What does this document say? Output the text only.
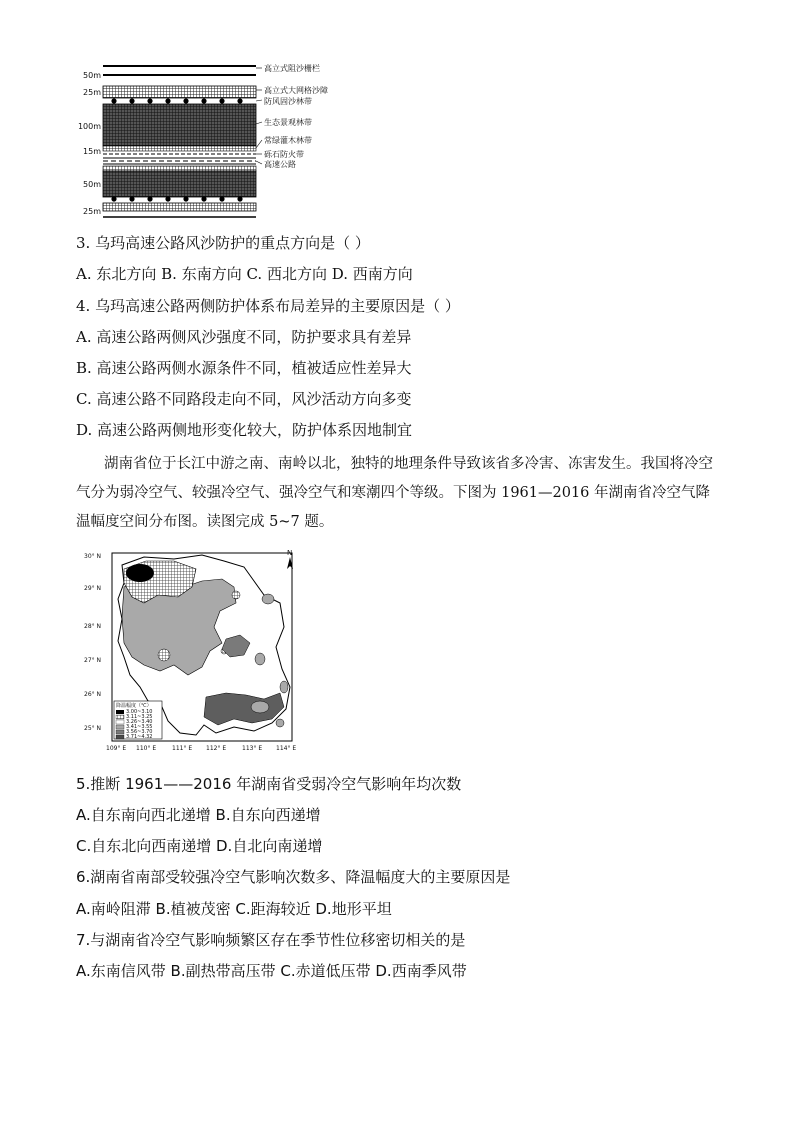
50m
25m
100m
15m
50m
25m
高立式阻沙栅栏
高立式大网格沙障
防风固沙林带
生态景观林带
常绿灌木林带
砾石防火带
高速公路
3. 乌玛高速公路风沙防护的重点方向是（ ）
A. 东北方向 B. 东南方向 C. 西北方向 D. 西南方向
4. 乌玛高速公路两侧防护体系布局差异的主要原因是（ ）
A. 高速公路两侧风沙强度不同，防护要求具有差异
B. 高速公路两侧水源条件不同，植被适应性差异大
C. 高速公路不同路段走向不同，风沙活动方向多变
D. 高速公路两侧地形变化较大，防护体系因地制宜
湖南省位于长江中游之南、南岭以北，独特的地理条件导致该省多冷害、冻害发生。我国将冷空气分为弱冷空气、较强冷空气、强冷空气和寒潮四个等级。下图为 1961—2016 年湖南省冷空气降温幅度空间分布图。读图完成 5~7 题。
30° N
29° N
28° N
27° N
26° N
25° N
109° E 110° E	111° E 112° E	113° E 114° E
N
降温幅度（℃）
3.00~3.10
3.11~3.25
3.26~3.40
3.41~3.55
3.56~3.70
3.71~4.32
5.推断 1961——2016 年湖南省受弱冷空气影响年均次数
A.自东南向西北递增 B.自东向西递增
C.自东北向西南递增 D.自北向南递增
6.湖南省南部受较强冷空气影响次数多、降温幅度大的主要原因是
A.南岭阻滞 B.植被茂密 C.距海较近 D.地形平坦
7.与湖南省冷空气影响频繁区存在季节性位移密切相关的是
A.东南信风带 B.副热带高压带 C.赤道低压带 D.西南季风带
